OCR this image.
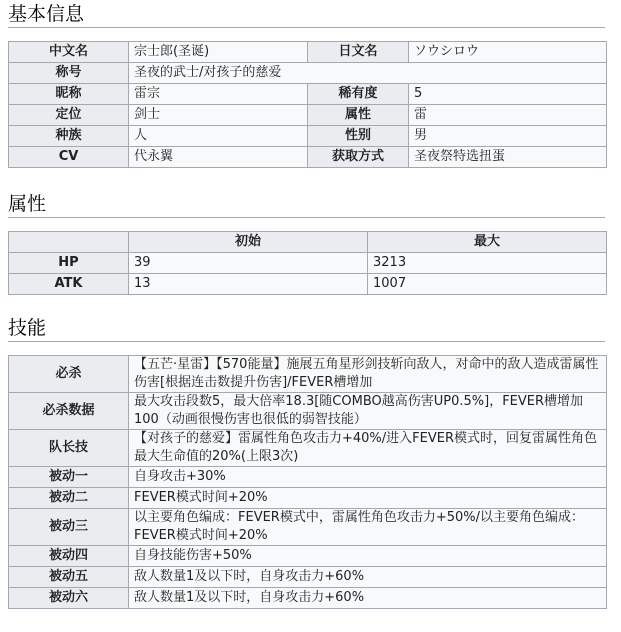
基本信息
中文名	宗士郎(圣诞)	日文名	ソウシロウ
称号	圣夜的武士/对孩子的慈爱		
昵称	雷宗	稀有度	5
定位	剑士	属性	雷
种族	人	性别	男
CV	代永翼	获取方式	圣夜祭特选扭蛋
属性
	初始	最大
HP	39	3213
ATK	13	1007
技能
必杀	【五芒·星雷】【570能量】施展五角星形剑技斩向敌人，对命中的敌人造成雷属性伤害[根据连击数提升伤害]/FEVER槽增加
必杀数据	最大攻击段数5，最大倍率18.3[随COMBO越高伤害UP0.5%]，FEVER槽增加100（动画很慢伤害也很低的弱智技能）
队长技	【对孩子的慈爱】雷属性角色攻击力+40%/进入FEVER模式时，回复雷属性角色最大生命值的20%(上限3次)
被动一	自身攻击+30%
被动二	FEVER模式时间+20%
被动三	以主要角色编成：FEVER模式中，雷属性角色攻击力+50%/以主要角色编成：FEVER模式时间+20%
被动四	自身技能伤害+50%
被动五	敌人数量1及以下时，自身攻击力+60%
被动六	敌人数量1及以下时，自身攻击力+60%
